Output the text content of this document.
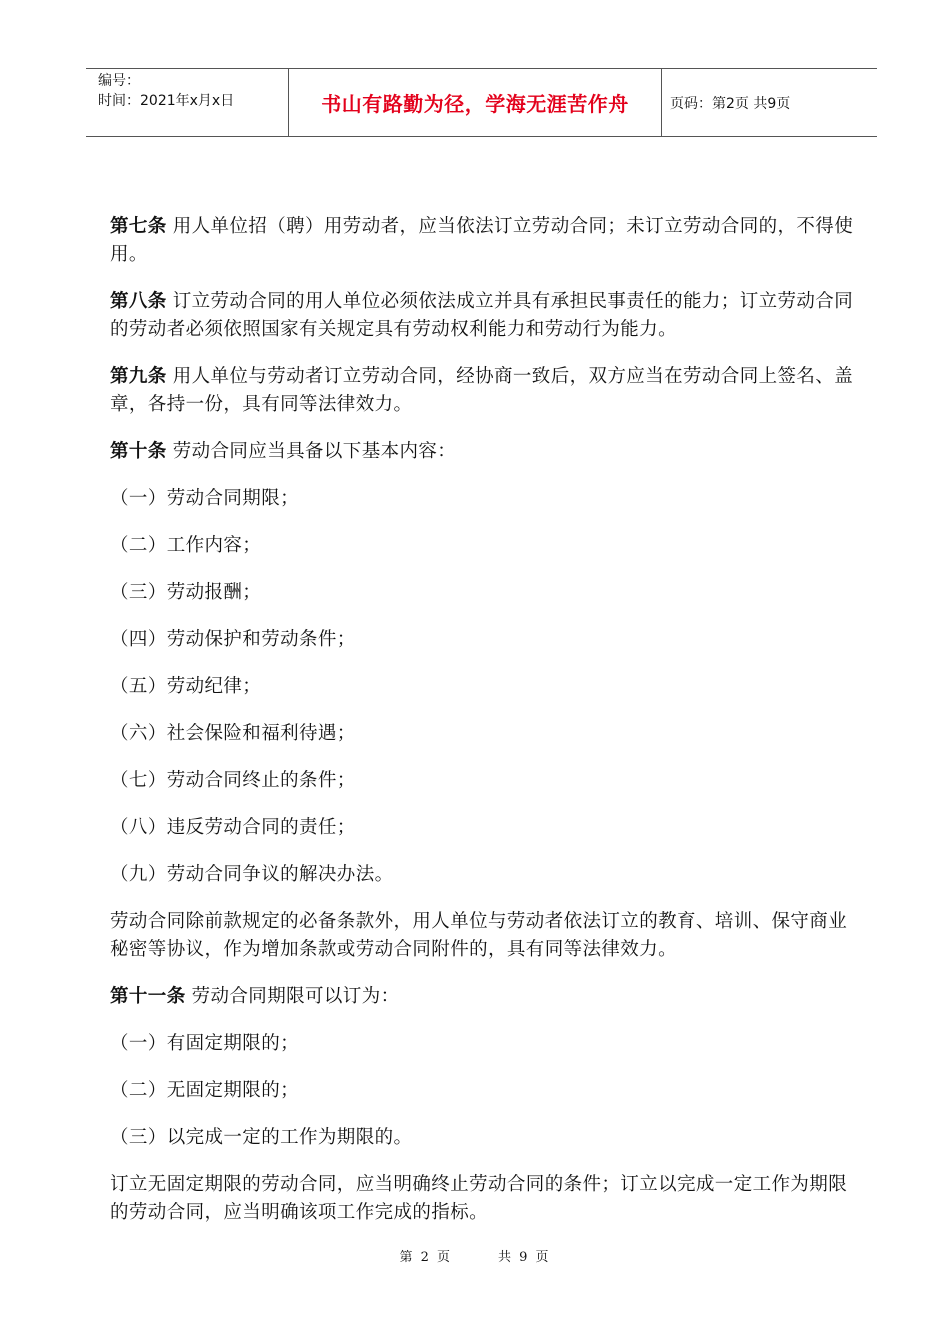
编号：
时间：2021年x月x日	书山有路勤为径，学海无涯苦作舟	页码：第2页 共9页

第七条 用人单位招（聘）用劳动者，应当依法订立劳动合同；未订立劳动合同的，不得使用。

第八条 订立劳动合同的用人单位必须依法成立并具有承担民事责任的能力；订立劳动合同的劳动者必须依照国家有关规定具有劳动权利能力和劳动行为能力。

第九条 用人单位与劳动者订立劳动合同，经协商一致后，双方应当在劳动合同上签名、盖章，各持一份，具有同等法律效力。

第十条 劳动合同应当具备以下基本内容：

（一）劳动合同期限；

（二）工作内容；

（三）劳动报酬；

（四）劳动保护和劳动条件；

（五）劳动纪律；

（六）社会保险和福利待遇；

（七）劳动合同终止的条件；

（八）违反劳动合同的责任；

（九）劳动合同争议的解决办法。

劳动合同除前款规定的必备条款外，用人单位与劳动者依法订立的教育、培训、保守商业秘密等协议，作为增加条款或劳动合同附件的，具有同等法律效力。

第十一条 劳动合同期限可以订为：

（一）有固定期限的；

（二）无固定期限的；

（三）以完成一定的工作为期限的。

订立无固定期限的劳动合同，应当明确终止劳动合同的条件；订立以完成一定工作为期限的劳动合同，应当明确该项工作完成的指标。

第 2 页	共 9 页
